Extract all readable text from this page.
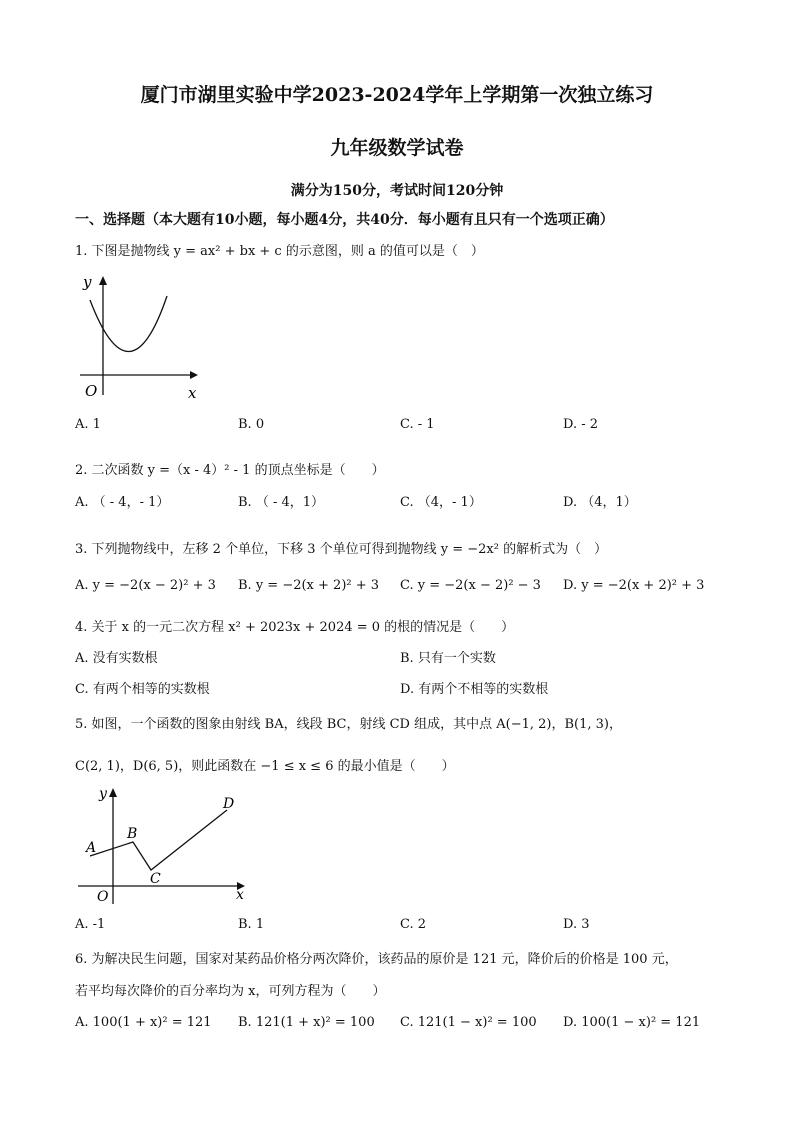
厦门市湖里实验中学2023-2024学年上学期第一次独立练习
九年级数学试卷
满分为150分，考试时间120分钟
一、选择题（本大题有10小题，每小题4分，共40分．每小题有且只有一个选项正确）
1. 下图是抛物线 y = ax² + bx + c 的示意图，则 a 的值可以是（　）
y
x
O
A. 1	B. 0	C. - 1	D. - 2
2. 二次函数 y =（x - 4）² - 1 的顶点坐标是（　　）
A. （ - 4，- 1）	B. （ - 4，1）	C. （4，- 1）	D. （4，1）
3. 下列抛物线中，左移 2 个单位，下移 3 个单位可得到抛物线 y = −2x² 的解析式为（　）
A. y = −2(x − 2)² + 3 B. y = −2(x + 2)² + 3 C. y = −2(x − 2)² − 3 D. y = −2(x + 2)² + 3
4. 关于 x 的一元二次方程 x² + 2023x + 2024 = 0 的根的情况是（　　）
A. 没有实数根	B. 只有一个实数
C. 有两个相等的实数根	D. 有两个不相等的实数根
5. 如图，一个函数的图象由射线 BA，线段 BC，射线 CD 组成，其中点 A(−1, 2)，B(1, 3)，
C(2, 1)，D(6, 5)，则此函数在 −1 ≤ x ≤ 6 的最小值是（　　）
y
x
O
A
B
C
D
A. -1	B. 1	C. 2	D. 3
6. 为解决民生问题，国家对某药品价格分两次降价，该药品的原价是 121 元，降价后的价格是 100 元，
若平均每次降价的百分率均为 x，可列方程为（　　）
A. 100(1 + x)² = 121 B. 121(1 + x)² = 100 C. 121(1 − x)² = 100 D. 100(1 − x)² = 121
